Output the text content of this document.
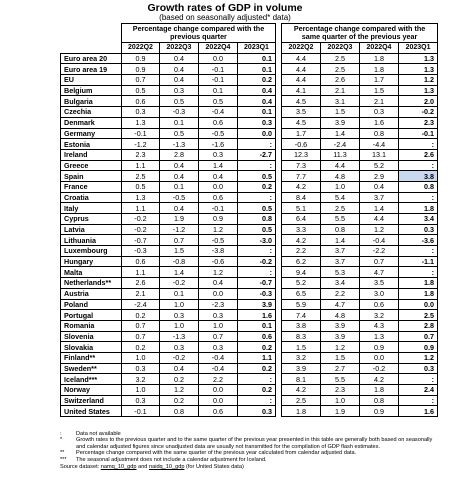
Growth rates of GDP in volume
(based on seasonally adjusted* data)
	Percentage change compared with the previous quarter					Percentage change compared with the same quarter of the previous year			
	2022Q2	2022Q3	2022Q4	2023Q1		2022Q2	2022Q3	2022Q4	2023Q1
Euro area 20	0.9	0.4	0.0	0.1		4.4	2.5	1.8	1.3
Euro area 19	0.9	0.4	-0.1	0.1		4.4	2.5	1.8	1.3
EU	0.7	0.4	-0.1	0.2		4.4	2.6	1.7	1.2
Belgium	0.5	0.3	0.1	0.4		4.1	2.1	1.5	1.3
Bulgaria	0.6	0.5	0.5	0.4		4.5	3.1	2.1	2.0
Czechia	0.3	-0.3	-0.4	0.1		3.5	1.5	0.3	-0.2
Denmark	1.3	0.1	0.6	0.3		4.5	3.9	1.6	2.3
Germany	-0.1	0.5	-0.5	0.0		1.7	1.4	0.8	-0.1
Estonia	-1.2	-1.3	-1.6	:		-0.6	-2.4	-4.4	:
Ireland	2.3	2.8	0.3	-2.7		12.3	11.3	13.1	2.6
Greece	1.1	0.4	1.4	:		7.3	4.4	5.2	:
Spain	2.5	0.4	0.4	0.5		7.7	4.8	2.9	3.8
France	0.5	0.1	0.0	0.2		4.2	1.0	0.4	0.8
Croatia	1.3	-0.5	0.6	:		8.4	5.4	3.7	:
Italy	1.1	0.4	-0.1	0.5		5.1	2.5	1.4	1.8
Cyprus	-0.2	1.9	0.9	0.8		6.4	5.5	4.4	3.4
Latvia	-0.2	-1.2	1.2	0.5		3.3	0.8	1.2	0.3
Lithuania	-0.7	0.7	-0.5	-3.0		4.2	1.4	-0.4	-3.6
Luxembourg	-0.3	1.5	-3.8	:		2.2	3.7	-2.2	:
Hungary	0.6	-0.8	-0.6	-0.2		6.2	3.7	0.7	-1.1
Malta	1.1	1.4	1.2	:		9.4	5.3	4.7	:
Netherlands**	2.6	-0.2	0.4	-0.7		5.2	3.4	3.5	1.8
Austria	2.1	0.1	0.0	-0.3		6.5	2.2	3.0	1.8
Poland	-2.4	1.0	-2.3	3.9		5.9	4.7	0.6	0.0
Portugal	0.2	0.3	0.3	1.6		7.4	4.8	3.2	2.5
Romania	0.7	1.0	1.0	0.1		3.8	3.9	4.3	2.8
Slovenia	0.7	-1.3	0.7	0.6		8.3	3.9	1.3	0.7
Slovakia	0.2	0.3	0.3	0.2		1.5	1.2	0.9	0.9
Finland**	1.0	-0.2	-0.4	1.1		3.2	1.5	0.0	1.2
Sweden**	0.3	0.4	-0.4	0.2		3.9	2.7	-0.2	0.3
Iceland***	3.2	0.2	2.2	:		8.1	5.5	4.2	:
Norway	1.0	1.2	0.0	0.2		4.2	2.3	1.8	2.4
Switzerland	0.3	0.2	0.0	:		2.5	1.0	0.8	:
United States	-0.1	0.8	0.6	0.3		1.8	1.9	0.9	1.6
:	Data not available
*	Growth rates to the previous quarter and to the same quarter of the previous year presented in this table are generally both based on seasonally and calendar adjusted figures since unadjusted data are usually not transmitted for the compilation of GDP flash estimates.
**	Percentage change compared with the same quarter of the previous year calculated from calendar adjusted data.
***	The seasonal adjustment does not include a calendar adjustment for Iceland.
Source dataset: namq_10_gdp and naidq_10_gdp (for United States data)
